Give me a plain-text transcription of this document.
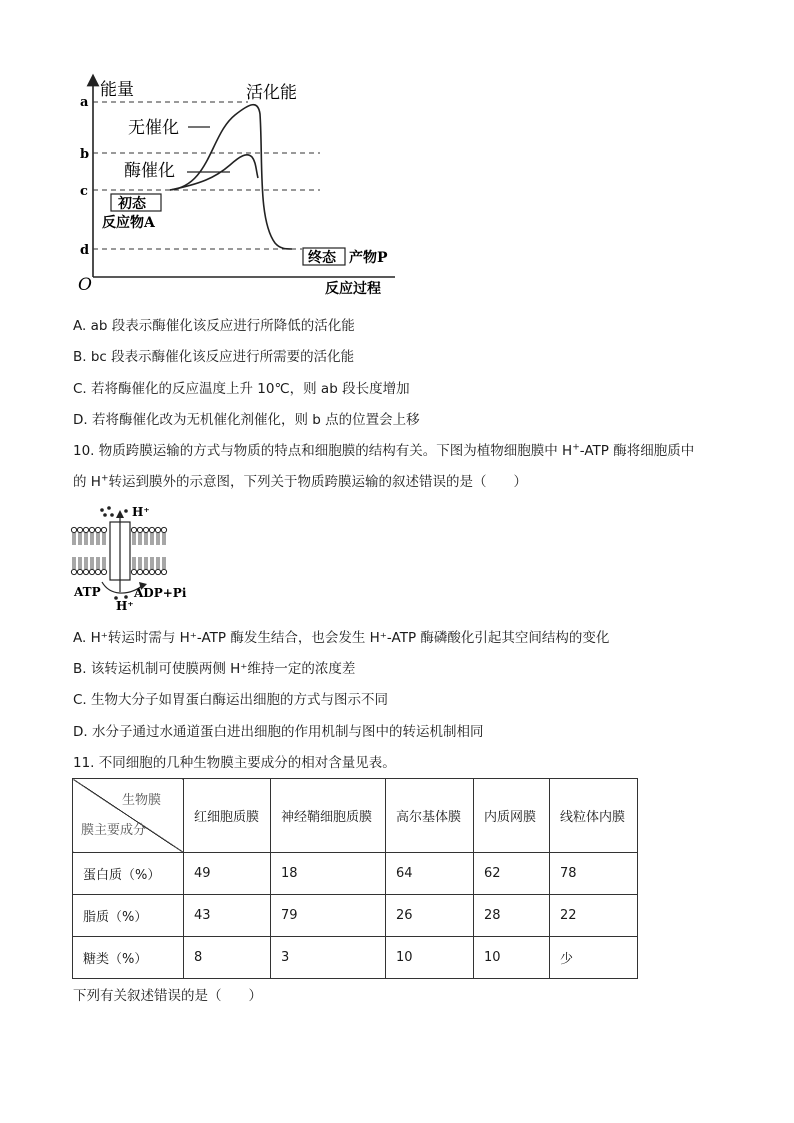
能量
a
b
c
d
O
活化能
无催化
酶催化
初态
反应物A
终态 产物P
反应过程
A. ab 段表示酶催化该反应进行所降低的活化能
B. bc 段表示酶催化该反应进行所需要的活化能
C. 若将酶催化的反应温度上升 10℃，则 ab 段长度增加
D. 若将酶催化改为无机催化剂催化，则 b 点的位置会上移
10. 物质跨膜运输的方式与物质的特点和细胞膜的结构有关。下图为植物细胞膜中 H+-ATP 酶将细胞质中
的 H+转运到膜外的示意图，下列关于物质跨膜运输的叙述错误的是（　　）
H⁺
ATP	ADP+Pi
H⁺
A. H⁺转运时需与 H⁺-ATP 酶发生结合，也会发生 H⁺-ATP 酶磷酸化引起其空间结构的变化
B. 该转运机制可使膜两侧 H⁺维持一定的浓度差
C. 生物大分子如胃蛋白酶运出细胞的方式与图示不同
D. 水分子通过水通道蛋白进出细胞的作用机制与图中的转运机制相同
11. 不同细胞的几种生物膜主要成分的相对含量见表。
生物膜
膜主要成分	红细胞质膜	神经鞘细胞质膜	高尔基体膜	内质网膜	线粒体内膜
蛋白质（%）	49	18	64	62	78
脂质（%）	43	79	26	28	22
糖类（%）	8	3	10	10	少
下列有关叙述错误的是（　　）
